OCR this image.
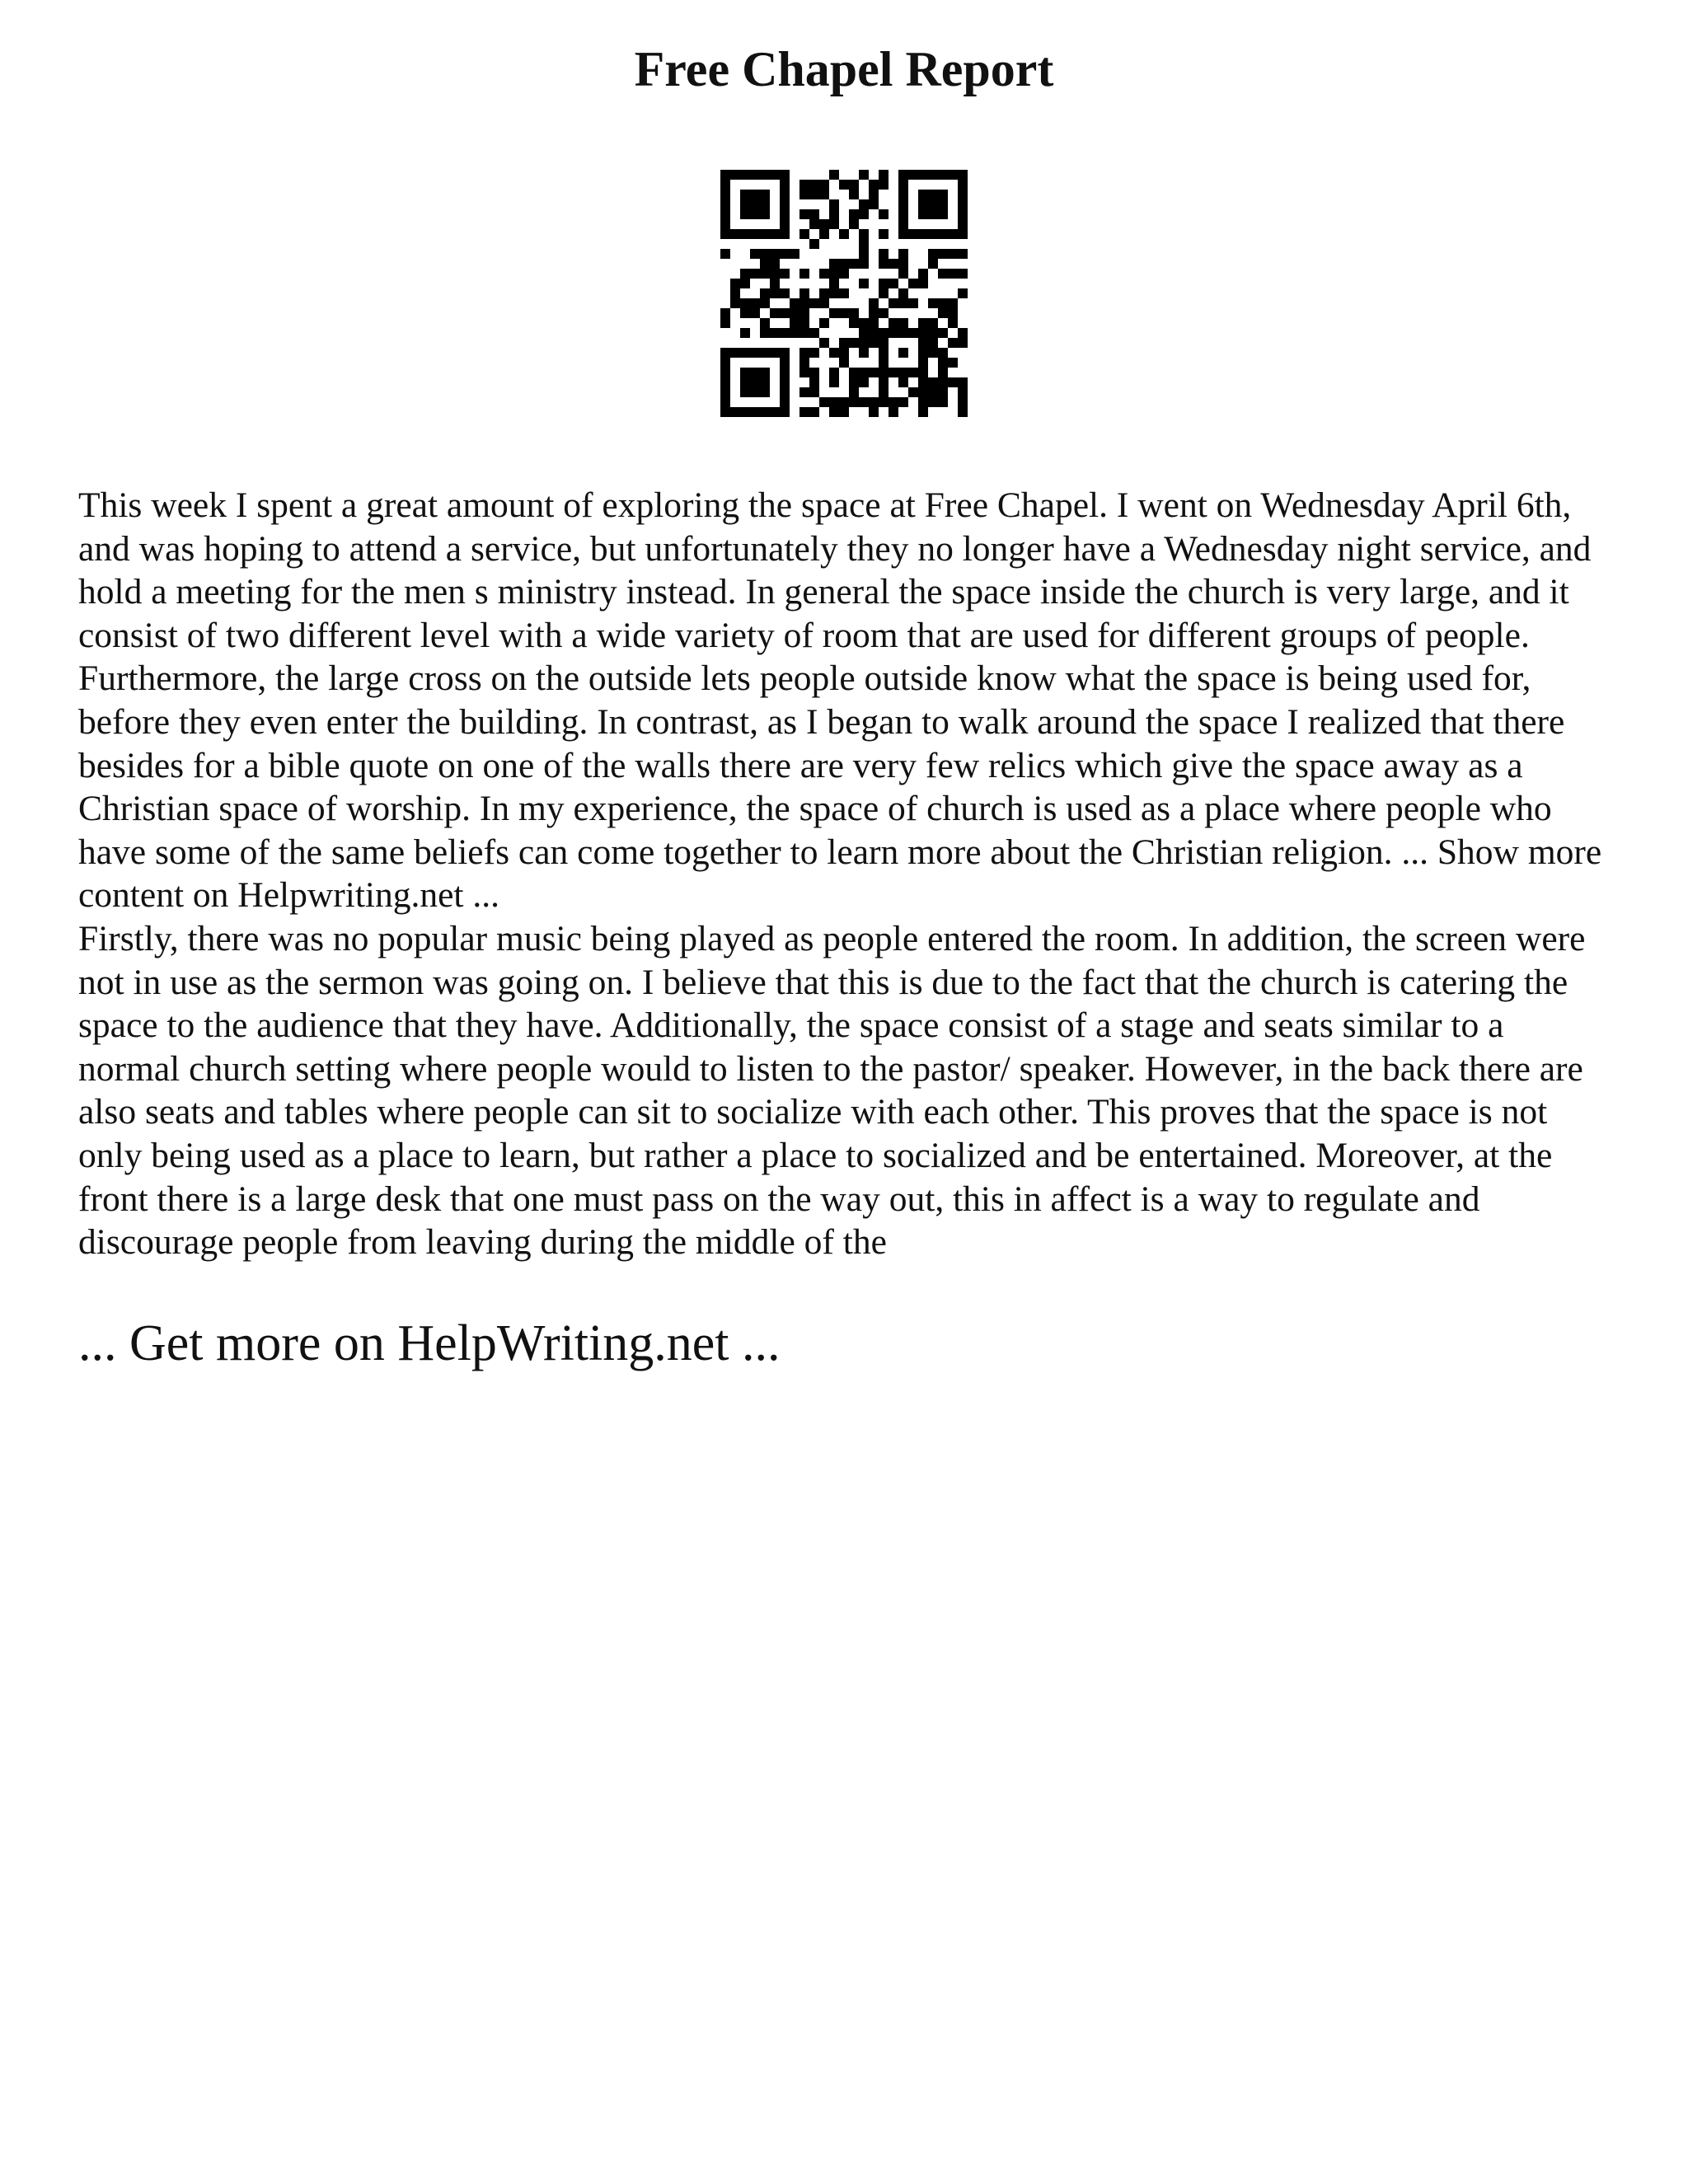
Free Chapel Report

This week I spent a great amount of exploring the space at Free Chapel. I went on Wednesday April 6th, and was hoping to attend a service, but unfortunately they no longer have a Wednesday night service, and hold a meeting for the men s ministry instead. In general the space inside the church is very large, and it consist of two different level with a wide variety of room that are used for different groups of people. Furthermore, the large cross on the outside lets people outside know what the space is being used for, before they even enter the building. In contrast, as I began to walk around the space I realized that there besides for a bible quote on one of the walls there are very few relics which give the space away as a Christian space of worship. In my experience, the space of church is used as a place where people who have some of the same beliefs can come together to learn more about the Christian religion. ... Show more content on Helpwriting.net ...

Firstly, there was no popular music being played as people entered the room. In addition, the screen were not in use as the sermon was going on. I believe that this is due to the fact that the church is catering the space to the audience that they have. Additionally, the space consist of a stage and seats similar to a normal church setting where people would to listen to the pastor/ speaker. However, in the back there are also seats and tables where people can sit to socialize with each other. This proves that the space is not only being used as a place to learn, but rather a place to socialized and be entertained. Moreover, at the front there is a large desk that one must pass on the way out, this in affect is a way to regulate and discourage people from leaving during the middle of the

... Get more on HelpWriting.net ...
